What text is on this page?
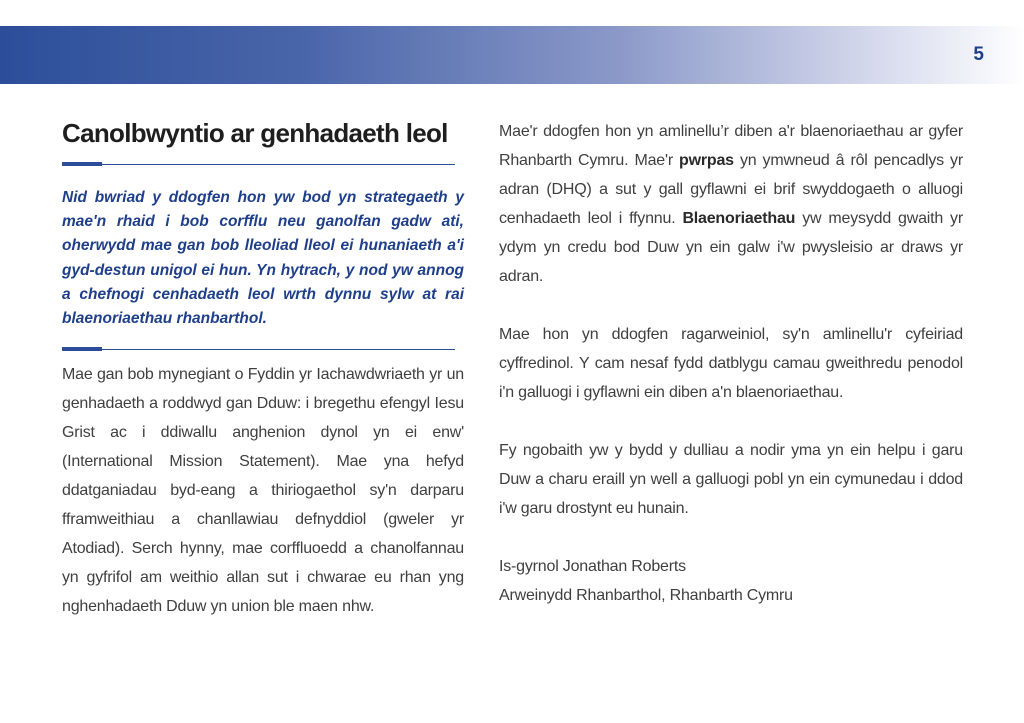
5
Canolbwyntio ar genhadaeth leol

Nid bwriad y ddogfen hon yw bod yn strategaeth y mae'n rhaid i bob corfflu neu ganolfan gadw ati, oherwydd mae gan bob lleoliad lleol ei hunaniaeth a'i gyd-destun unigol ei hun. Yn hytrach, y nod yw annog a chefnogi cenhadaeth leol wrth dynnu sylw at rai blaenoriaethau rhanbarthol.

Mae gan bob mynegiant o Fyddin yr Iachawdwriaeth yr un genhadaeth a roddwyd gan Dduw: i bregethu efengyl Iesu Grist ac i ddiwallu anghenion dynol yn ei enw' (International Mission Statement). Mae yna hefyd ddatganiadau byd-eang a thiriogaethol sy'n darparu fframweithiau a chanllawiau defnyddiol (gweler yr Atodiad). Serch hynny, mae corffluoedd a chanolfannau yn gyfrifol am weithio allan sut i chwarae eu rhan yng nghenhadaeth Dduw yn union ble maen nhw.

Mae'r ddogfen hon yn amlinellu’r diben a'r blaenoriaethau ar gyfer Rhanbarth Cymru. Mae'r pwrpas yn ymwneud â rôl pencadlys yr adran (DHQ) a sut y gall gyflawni ei brif swyddogaeth o alluogi cenhadaeth leol i ffynnu. Blaenoriaethau yw meysydd gwaith yr ydym yn credu bod Duw yn ein galw i'w pwysleisio ar draws yr adran.

Mae hon yn ddogfen ragarweiniol, sy'n amlinellu'r cyfeiriad cyffredinol. Y cam nesaf fydd datblygu camau gweithredu penodol i'n galluogi i gyflawni ein diben a'n blaenoriaethau.

Fy ngobaith yw y bydd y dulliau a nodir yma yn ein helpu i garu Duw a charu eraill yn well a galluogi pobl yn ein cymunedau i ddod i'w garu drostynt eu hunain.

Is-gyrnol Jonathan Roberts

Arweinydd Rhanbarthol, Rhanbarth Cymru
